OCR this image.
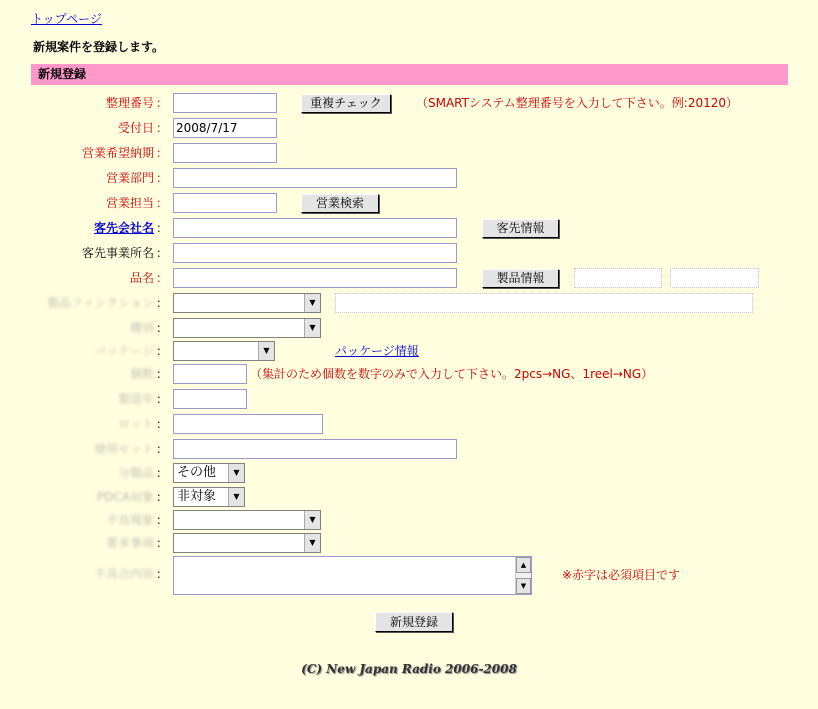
トップページ
新規案件を登録します。
新規登録
整理番号 ：	重複チェック	（SMARTシステム整理番号を入力して下さい。例:20120）
受付日 ： 2008/7/17
営業希望納期 ：
営業部門 ：
営業担当 ：	営業検索
客先会社名 ：	客先情報
客先事業所名 ：
品名 ：	製品情報
製品ファンクション ：	▼
種別 ：	▼
パッケージ ：	▼	パッケージ情報
個数 ：	（集計のため個数を数字のみで入力して下さい。2pcs→NG、1reel→NG）
製造年 ：
ロット ：
使用セット ：
分類品 ： その他	▼
PDCA対象 ： 非対象	▼
不良現象 ：	▼
要求事項 ：	▼
不具合内容 ：
▲
▼
※赤字は必須項目です
新規登録
(C) New Japan Radio 2006-2008
